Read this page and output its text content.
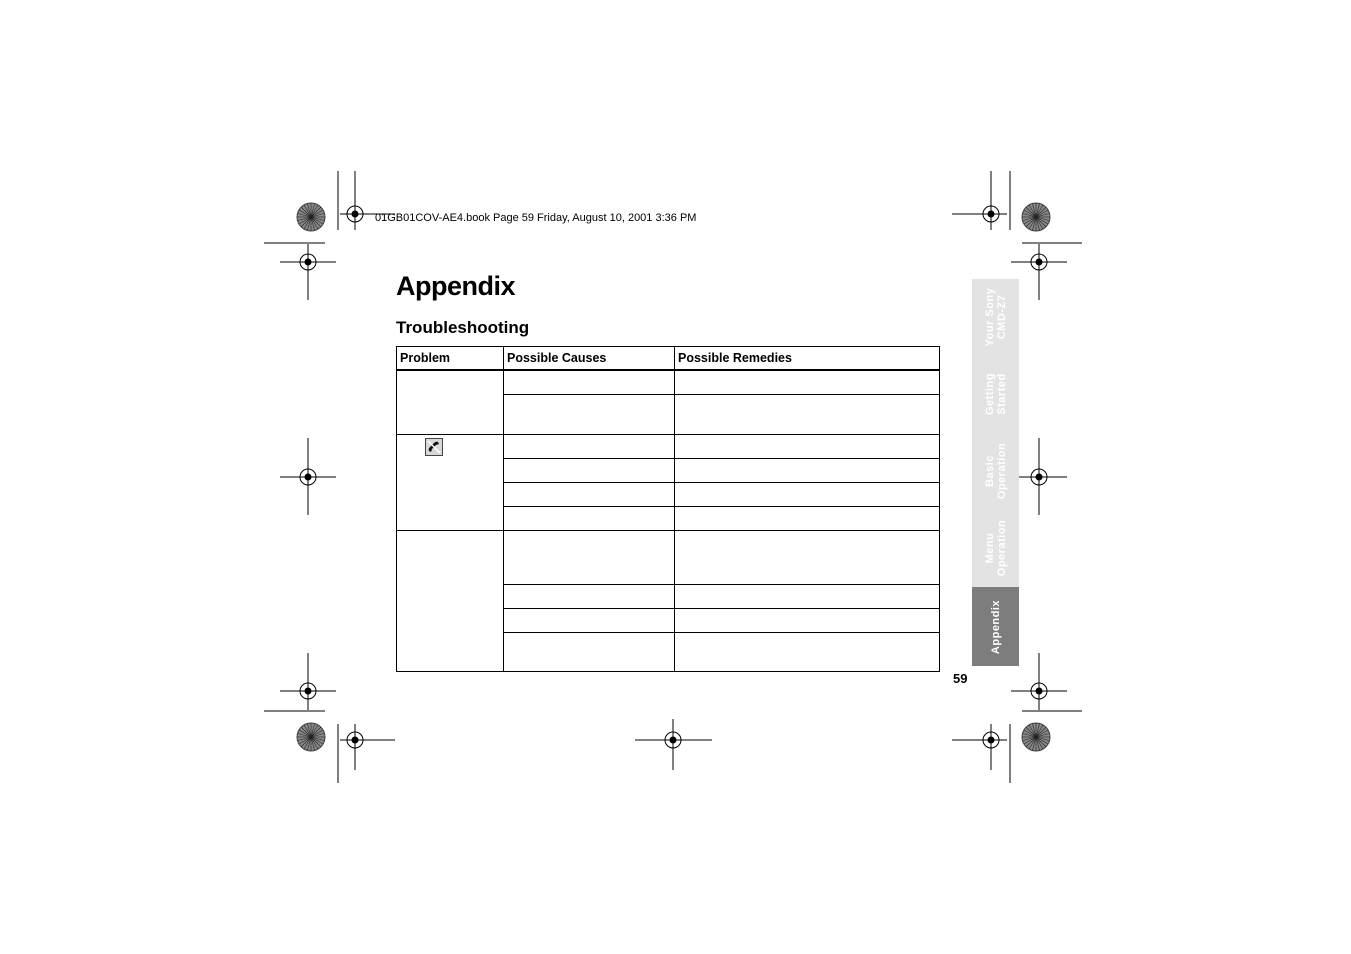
01GB01COV-AE4.book Page 59 Friday, August 10, 2001 3:36 PM
Appendix
Troubleshooting
Problem	Possible Causes	Possible Remedies

Your Sony
CMD-Z7
Getting
Started
Basic
Operation
Menu
Operation
Appendix
59
